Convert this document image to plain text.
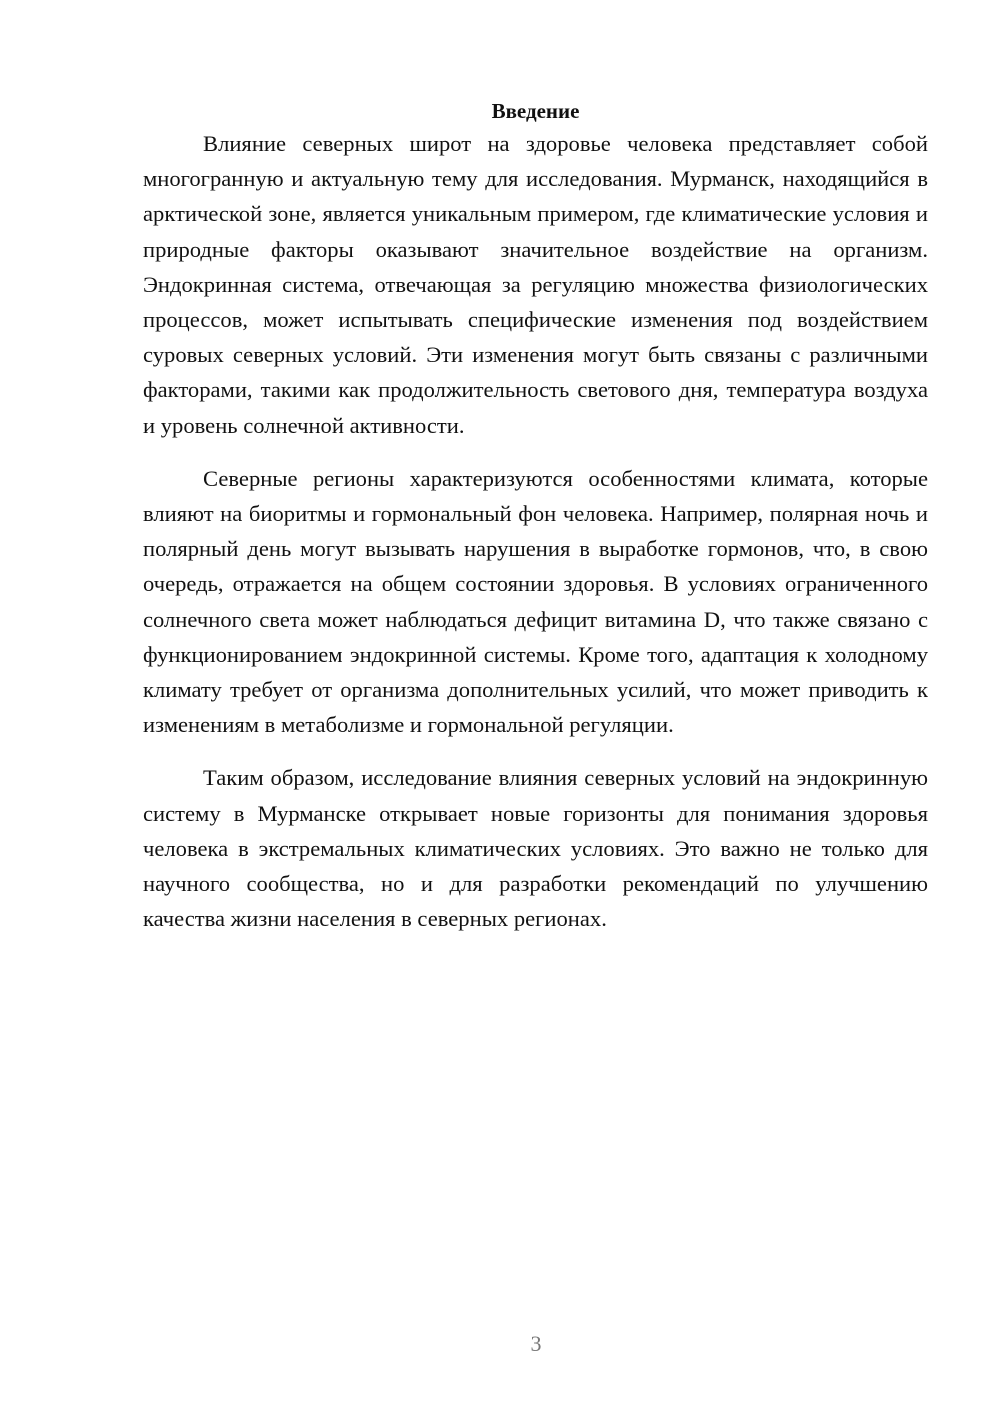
Введение

Влияние северных широт на здоровье человека представляет собой многогранную и актуальную тему для исследования. Мурманск, находящийся в арктической зоне, является уникальным примером, где климатические условия и природные факторы оказывают значительное воздействие на организм. Эндокринная система, отвечающая за регуляцию множества физиологических процессов, может испытывать специфические изменения под воздействием суровых северных условий. Эти изменения могут быть связаны с различными факторами, такими как продолжительность светового дня, температура воздуха и уровень солнечной активности.

Северные регионы характеризуются особенностями климата, которые влияют на биоритмы и гормональный фон человека. Например, полярная ночь и полярный день могут вызывать нарушения в выработке гормонов, что, в свою очередь, отражается на общем состоянии здоровья. В условиях ограниченного солнечного света может наблюдаться дефицит витамина D, что также связано с функционированием эндокринной системы. Кроме того, адаптация к холодному климату требует от организма дополнительных усилий, что может приводить к изменениям в метаболизме и гормональной регуляции.

Таким образом, исследование влияния северных условий на эндокринную систему в Мурманске открывает новые горизонты для понимания здоровья человека в экстремальных климатических условиях. Это важно не только для научного сообщества, но и для разработки рекомендаций по улучшению качества жизни населения в северных регионах.

3
